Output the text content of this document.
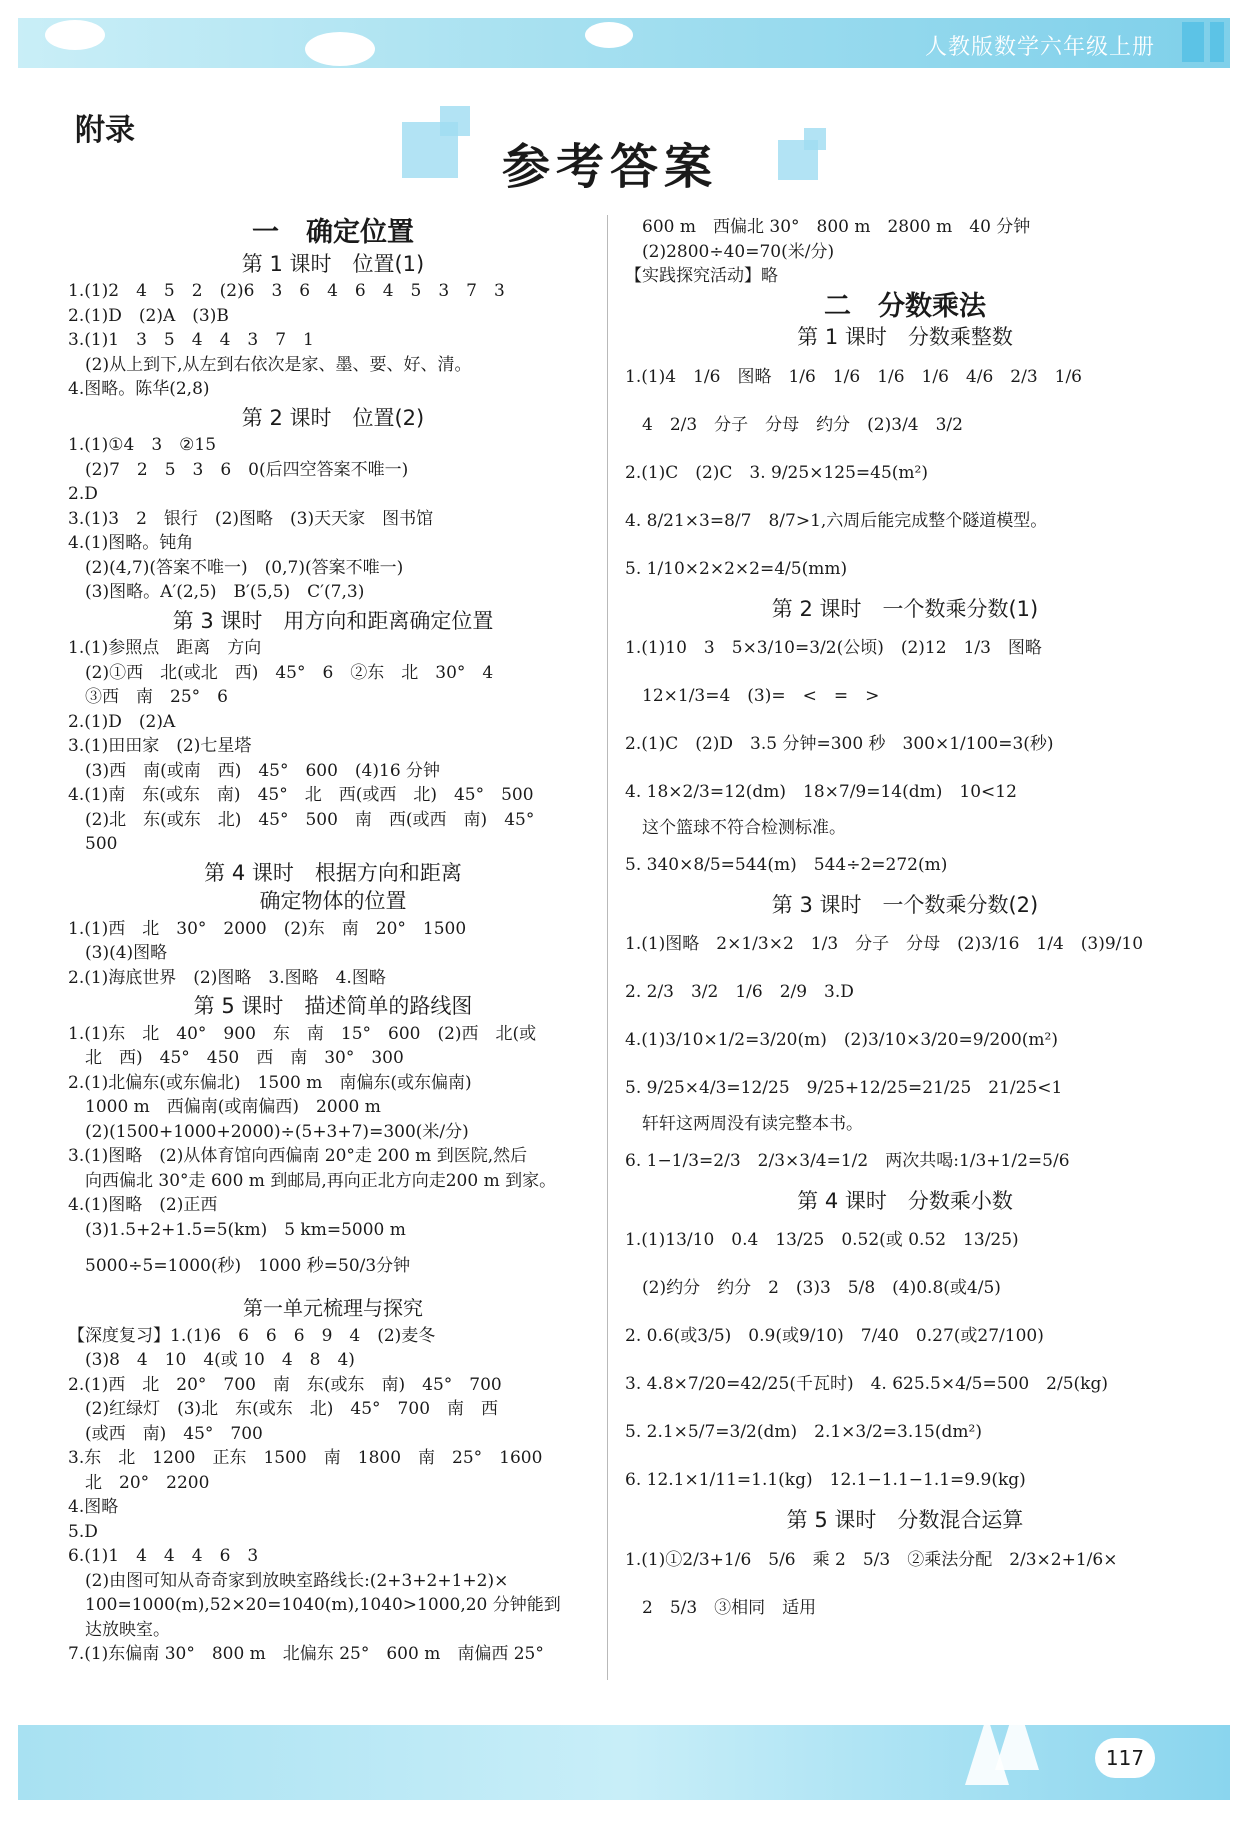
人教版数学六年级上册
附录
参考答案
一　确定位置
第 1 课时　位置(1)
1.(1)2　4　5　2　(2)6　3　6　4　6　4　5　3　7　3
2.(1)D　(2)A　(3)B
3.(1)1　3　5　4　4　3　7　1
　(2)从上到下,从左到右依次是家、墨、要、好、清。
4.图略。陈华(2,8)
第 2 课时　位置(2)
1.(1)①4　3　②15
　(2)7　2　5　3　6　0(后四空答案不唯一)
2.D
3.(1)3　2　银行　(2)图略　(3)天天家　图书馆
4.(1)图略。钝角
　(2)(4,7)(答案不唯一)　(0,7)(答案不唯一)
　(3)图略。A′(2,5)　B′(5,5)　C′(7,3)
第 3 课时　用方向和距离确定位置
1.(1)参照点　距离　方向
　(2)①西　北(或北　西)　45°　6　②东　北　30°　4
　③西　南　25°　6
2.(1)D　(2)A
3.(1)田田家　(2)七星塔
　(3)西　南(或南　西)　45°　600　(4)16 分钟
4.(1)南　东(或东　南)　45°　北　西(或西　北)　45°　500
　(2)北　东(或东　北)　45°　500　南　西(或西　南)　45°
　500
第 4 课时　根据方向和距离
确定物体的位置
1.(1)西　北　30°　2000　(2)东　南　20°　1500
　(3)(4)图略
2.(1)海底世界　(2)图略　3.图略　4.图略
第 5 课时　描述简单的路线图
1.(1)东　北　40°　900　东　南　15°　600　(2)西　北(或
　北　西)　45°　450　西　南　30°　300
2.(1)北偏东(或东偏北)　1500 m　南偏东(或东偏南)
　1000 m　西偏南(或南偏西)　2000 m
　(2)(1500+1000+2000)÷(5+3+7)=300(米/分)
3.(1)图略　(2)从体育馆向西偏南 20°走 200 m 到医院,然后
　向西偏北 30°走 600 m 到邮局,再向正北方向走200 m 到家。
4.(1)图略　(2)正西
　(3)1.5+2+1.5=5(km)　5 km=5000 m
　5000÷5=1000(秒)　1000 秒=50/3分钟
第一单元梳理与探究
【深度复习】1.(1)6　6　6　6　9　4　(2)麦冬
　(3)8　4　10　4(或 10　4　8　4)
2.(1)西　北　20°　700　南　东(或东　南)　45°　700
　(2)红绿灯　(3)北　东(或东　北)　45°　700　南　西
　(或西　南)　45°　700
3.东　北　1200　正东　1500　南　1800　南　25°　1600
　北　20°　2200
4.图略
5.D
6.(1)1　4　4　4　6　3
　(2)由图可知从奇奇家到放映室路线长:(2+3+2+1+2)×
　100=1000(m),52×20=1040(m),1040>1000,20 分钟能到
　达放映室。
7.(1)东偏南 30°　800 m　北偏东 25°　600 m　南偏西 25°
　600 m　西偏北 30°　800 m　2800 m　40 分钟
　(2)2800÷40=70(米/分)
【实践探究活动】略
二　分数乘法
第 1 课时　分数乘整数
1.(1)4　1/6　图略　1/6　1/6　1/6　1/6　4/6　2/3　1/6
　4　2/3　分子　分母　约分　(2)3/4　3/2
2.(1)C　(2)C　3. 9/25×125=45(m²)
4. 8/21×3=8/7　8/7>1,六周后能完成整个隧道模型。
5. 1/10×2×2×2=4/5(mm)
第 2 课时　一个数乘分数(1)
1.(1)10　3　5×3/10=3/2(公顷)　(2)12　1/3　图略
　12×1/3=4　(3)=　<　=　>
2.(1)C　(2)D　3.5 分钟=300 秒　300×1/100=3(秒)
4. 18×2/3=12(dm)　18×7/9=14(dm)　10<12
　这个篮球不符合检测标准。
5. 340×8/5=544(m)　544÷2=272(m)
第 3 课时　一个数乘分数(2)
1.(1)图略　2×1/3×2　1/3　分子　分母　(2)3/16　1/4　(3)9/10
2. 2/3　3/2　1/6　2/9　3.D
4.(1)3/10×1/2=3/20(m)　(2)3/10×3/20=9/200(m²)
5. 9/25×4/3=12/25　9/25+12/25=21/25　21/25<1
　轩轩这两周没有读完整本书。
6. 1−1/3=2/3　2/3×3/4=1/2　两次共喝:1/3+1/2=5/6
第 4 课时　分数乘小数
1.(1)13/10　0.4　13/25　0.52(或 0.52　13/25)
　(2)约分　约分　2　(3)3　5/8　(4)0.8(或4/5)
2. 0.6(或3/5)　0.9(或9/10)　7/40　0.27(或27/100)
3. 4.8×7/20=42/25(千瓦时)　4. 625.5×4/5=500　2/5(kg)
5. 2.1×5/7=3/2(dm)　2.1×3/2=3.15(dm²)
6. 12.1×1/11=1.1(kg)　12.1−1.1−1.1=9.9(kg)
第 5 课时　分数混合运算
1.(1)①2/3+1/6　5/6　乘 2　5/3　②乘法分配　2/3×2+1/6×
　2　5/3　③相同　适用
117
